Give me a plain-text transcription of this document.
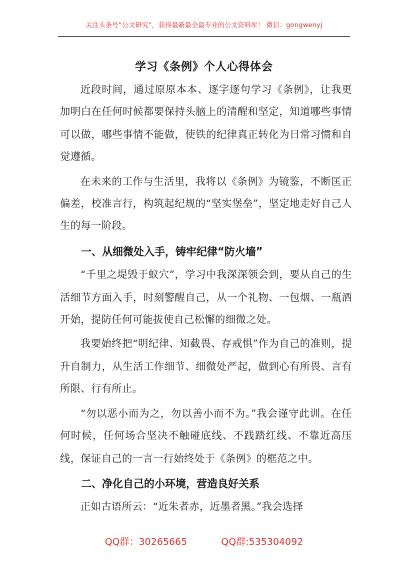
关注头条号“公文研究”，获得最新最全最专业的公文资料库！ 微信：gongwenyj
学习《条例》个人心得体会

近段时间，通过原原本本、逐字逐句学习《条例》，让我更加明白在任何时候都要保持头脑上的清醒和坚定，知道哪些事情可以做，哪些事情不能做，使铁的纪律真正转化为日常习惯和自觉遵循。

在未来的工作与生活里，我将以《条例》为镜鉴，不断匡正偏差，校准言行，构筑起纪规的“坚实堡垒”，坚定地走好自己人生的每一阶段。

一、从细微处入手，铸牢纪律“防火墙”

“千里之堤毁于蚁穴”，学习中我深深领会到，要从自己的生活细节方面入手，时刻警醒自己，从一个礼物、一包烟、一瓶酒开始，提防任何可能拔使自己松懈的细微之处。

我要始终把“明纪律、知截畏、存戒惧”作为自己的准则，提升自制力，从生活工作细节、细微处严起，做到心有所畏、言有所限、行有所止。

“勿以恶小而为之，勿以善小而不为。”我会谨守此训。在任何时候，任何场合坚决不触碰底线、不践踏红线、不靠近高压线，保证自己的一言一行始终处于《条例》的框范之中。

二、净化自己的小环境，营造良好关系

正如古语所云：“近朱者赤，近墨者黑。”我会选择

QQ群：30265665	QQ群:535304092
